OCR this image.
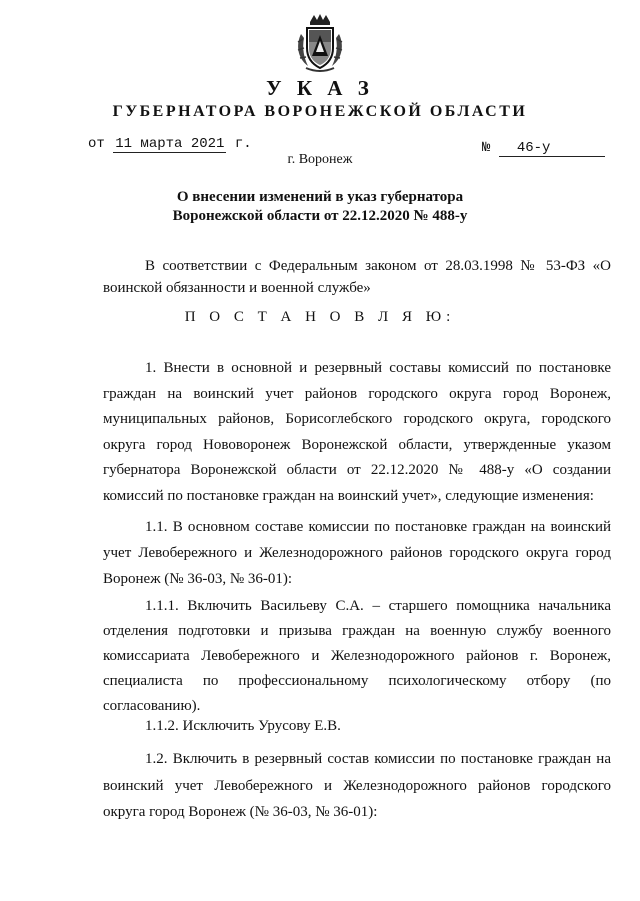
У К А З
ГУБЕРНАТОРА ВОРОНЕЖСКОЙ ОБЛАСТИ
от 11 марта 2021 г.	№ 46-у
г. Воронеж
О внесении изменений в указ губернатора
Воронежской области от 22.12.2020 № 488-у
В соответствии с Федеральным законом от 28.03.1998 № 53-ФЗ «О воинской обязанности и военной службе»
П О С Т А Н О В Л Я Ю:
1. Внести в основной и резервный составы комиссий по постановке граждан на воинский учет районов городского округа город Воронеж, муниципальных районов, Борисоглебского городского округа, городского округа город Нововоронеж Воронежской области, утвержденные указом губернатора Воронежской области от 22.12.2020 № 488-у «О создании комиссий по постановке граждан на воинский учет», следующие изменения:
1.1. В основном составе комиссии по постановке граждан на воинский учет Левобережного и Железнодорожного районов городского округа город Воронеж (№ 36-03, № 36-01):
1.1.1. Включить Васильеву С.А. – старшего помощника начальника отделения подготовки и призыва граждан на военную службу военного комиссариата Левобережного и Железнодорожного районов г. Воронеж, специалиста по профессиональному психологическому отбору (по согласованию).
1.1.2. Исключить Урусову Е.В.
1.2. Включить в резервный состав комиссии по постановке граждан на воинский учет Левобережного и Железнодорожного районов городского округа город Воронеж (№ 36-03, № 36-01):
